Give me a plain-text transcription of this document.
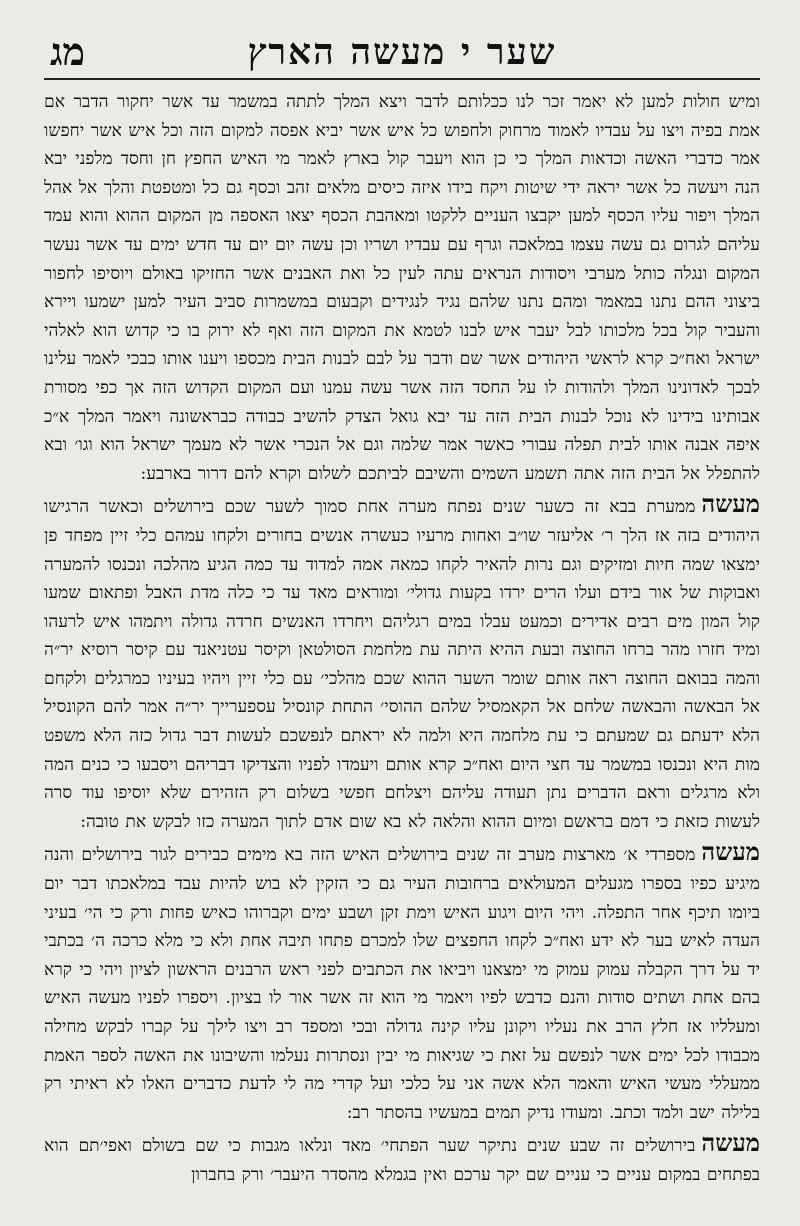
שער י מעשה הארץ
מג

ומיש חולות למען לא יאמר זכר לנו ככלותם לדבר ויצא המלך לתתה במשמר עד אשר יחקור הדבר אם אמת בפיה ויצו על עבדיו לאמוד מרחוק ולחפוש כל איש אשר יביא אפסה למקום הזה וכל איש אשר יחפשו אמר כדברי האשה וכדאות המלך כי כן הוא ויעבר קול בארץ לאמר מי האיש החפץ חן וחסד מלפני יבא הנה ויעשה כל אשר יראה ידי שיטות ויקח בידו איזה כיסים מלאים זהב וכסף גם כל ומטפטת והלך אל אהל המלך ויפור עליו הכסף למען יקבצו העניים ללקטו ומאהבת הכסף יצאו האספה מן המקום ההוא והוא עמד עליהם לגרום גם עשה עצמו במלאכה וגרף עם עבדיו ושריו וכן עשה יום יום עד חדש ימים עד אשר נעשר המקום ונגלה כותל מערבי ויסודות הנראים עתה לעין כל ואת האבנים אשר החזיקו באולם ויוסיפו לחפור ביצוני ההם נתנו במאמר ומהם נתנו שלהם נגיד לנגידים וקבעום במשמרות סביב העיר למען ישמעו ויירא והעביר קול בכל מלכותו לבל יעבר איש לבנו לטמא את המקום הזה ואף לא ירוק בו כי קדוש הוא לאלהי ישראל ואח״כ קרא לראשי היהודים אשר שם ודבר על לבם לבנות הבית מכספו ויענו אותו כבכי לאמר עלינו לבכך לאדונינו המלך ולהודות לו על החסד הזה אשר עשה עמנו ועם המקום הקדוש הזה אך כפי מסורת אבותינו בידינו לא נוכל לבנות הבית הזה עד יבא גואל הצדק להשיב כבודה כבראשונה ויאמר המלך א״כ איפה אבנה אותו לבית תפלה עבורי כאשר אמר שלמה וגם אל הנכרי אשר לא מעמך ישראל הוא וגו׳ ובא להתפלל אל הבית הזה אתה תשמע השמים והשיבם לביתכם לשלום וקרא להם דרור בארבע:

מעשהממערת בבא זה כשער שנים נפתח מערה אחת סמוך לשער שכם בירושלים וכאשר הרגישו היהודים בזה אז הלך ר׳ אליעזר שו״ב ואחות מרעיו כעשרה אנשים בחורים ולקחו עמהם כלי זיין מפחד פן ימצאו שמה חיות ומזיקים וגם נרות להאיר לקחו כמאה אמה למדוד עד כמה הגיע מהלכה ונכנסו להמערה ואבוקות של אור בידם ועלו הרים ירדו בקעות גדולי׳ ומוראים מאד עד כי כלה מדת האבל ופתאום שמעו קול המון מים רבים אדירים וכמעט עבלו במים רגליהם ויחרדו האנשים חרדה גדולה ויתמהו איש לרעהו ומיד חזרו מהר ברחו החוצה ובעת ההיא היתה עת מלחמת הסולטאן וקיסר עטניאנד עם קיסר רוסיא יר״ה והמה בבואם החוצה ראה אותם שומר השער ההוא שכם מהלכי׳ עם כלי זיין ויהיו בעיניו כמרגלים ולקחם אל הבאשה והבאשה שלחם אל הקאמסיל שלהם ההוסי׳ התחת קונסיל עספערייך יר״ה אמר להם הקונסיל הלא ידעתם גם שמעתם כי עת מלחמה היא ולמה לא יראתם לנפשכם לעשות דבר גדול כזה הלא משפט מות היא ונכנסו במשמר עד חצי היום ואח״כ קרא אותם ויעמדו לפניו והצדיקו דבריהם ויסבעו כי כנים המה ולא מרגלים וראם הדברים נתן תעודה עליהם ויצלחם חפשי בשלום רק הזהירם שלא יוסיפו עוד סרה לעשות כזאת כי דמם בראשם ומיום ההוא והלאה לא בא שום אדם לתוך המערה כזו לבקש את טובה:

מעשהמספרדי א׳ מארצות מערב זה שנים בירושלים האיש הזה בא מימים כבירים לגור בירושלים והנה מיגיע כפיו בספרו מגעלים המעולאים ברחובות העיר גם כי הזקין לא בוש להיות עבד במלאכתו דבר יום ביומו תיכף אחר התפלה. ויהי היום ויגוע האיש וימת זקן ושבע ימים וקברוהו כאיש פחות ורק כי הי׳ בעיני העדה לאיש בער לא ידע ואח״כ לקחו החפצים שלו למכרם פתחו תיבה אחת ולא כי מלא כרכה ה׳ בכתבי יד על דרך הקבלה עמוק עמוק מי ימצאנו ויביאו את הכתבים לפני ראש הרבנים הראשון לציון ויהי כי קרא בהם אחת ושתים סודות והנם כדבש לפיו ויאמר מי הוא זה אשר אור לו בציון. ויספרו לפניו מעשה האיש ומעלליו אז חלץ הרב את נעליו ויקונן עליו קינה גדולה ובכי ומספד רב ויצו לילך על קברו לבקש מחילה מכבודו לכל ימים אשר לנפשם על זאת כי שגיאות מי יבין ונסתרות נעלמו והשיבונו את האשה לספר האמת ממעללי מעשי האיש והאמר הלא אשה אני על כלכי ועל קדרי מה לי לדעת כדברים האלו לא ראיתי רק בלילה ישב ולמד וכתב. ומעודו נדיק תמים במעשיו בהסתר רב:

מעשהבירושלים זה שבע שנים נתיקר שער הפתחי׳ מאד ונלאו מגבות כי שם בשולם ואפי׳תם הוא בפתחים במקום עניים כי עניים שם יקר ערכם ואין בגמלא מהסדר היעבר׳ ורק בחברון
